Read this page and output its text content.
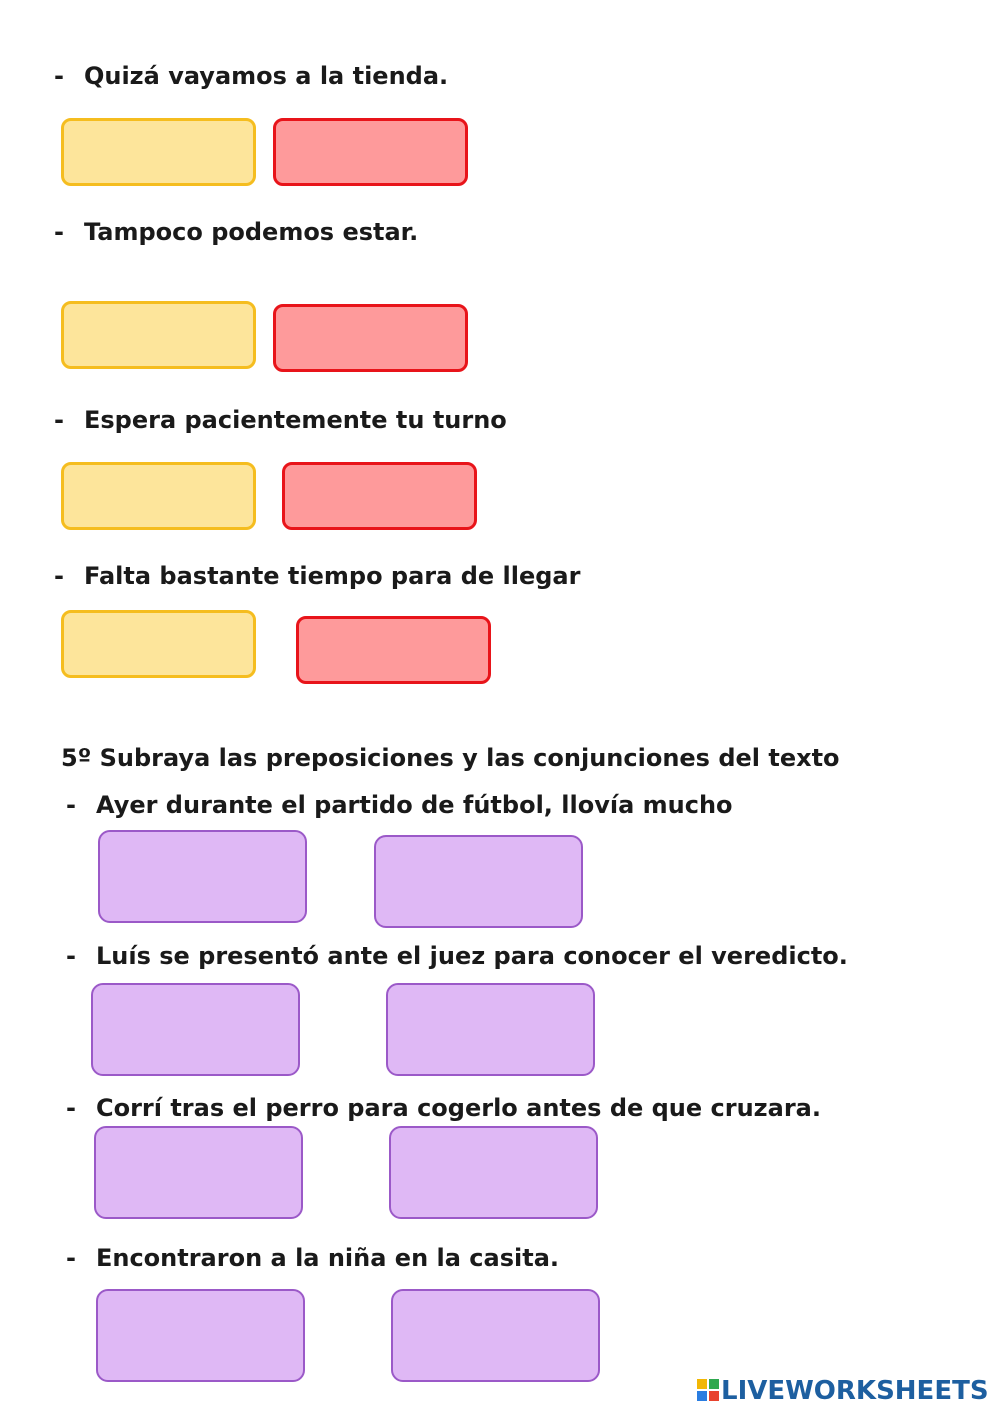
- Quizá vayamos a la tienda.
- Tampoco podemos estar.
- Espera pacientemente tu turno
- Falta bastante tiempo para de llegar
5º Subraya las preposiciones y las conjunciones del texto
- Ayer durante el partido de fútbol, llovía mucho
- Luís se presentó ante el juez para conocer el veredicto.
- Corrí tras el perro para cogerlo antes de que cruzara.
- Encontraron a la niña en la casita.
LIVEWORKSHEETS
